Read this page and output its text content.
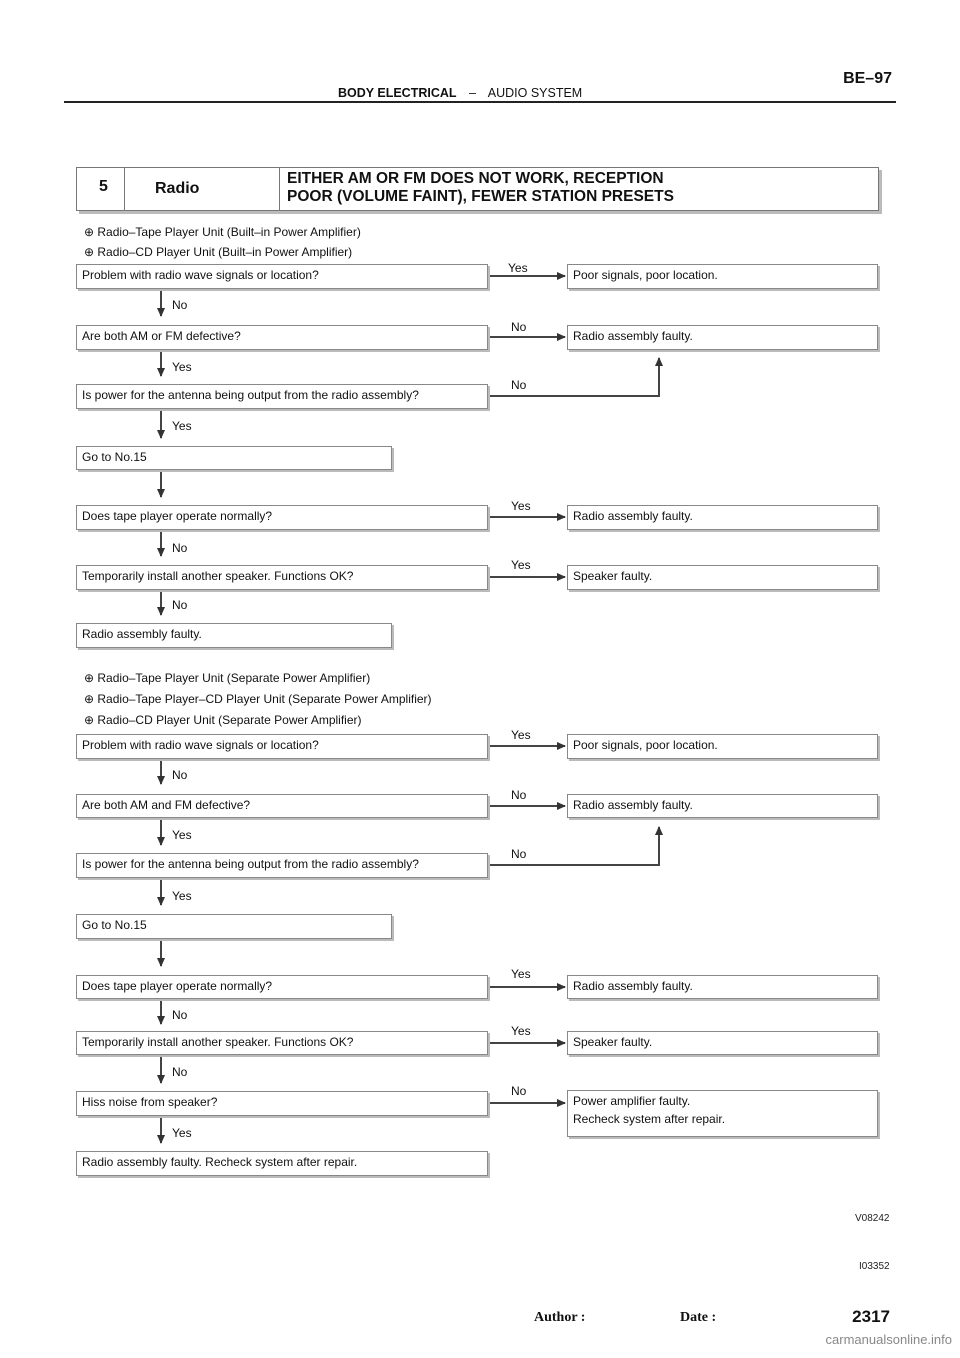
BE–97
BODY ELECTRICAL – AUDIO SYSTEM
5	Radio
EITHER AM OR FM DOES NOT WORK, RECEPTION
POOR (VOLUME FAINT), FEWER STATION PRESETS
⊕ Radio–Tape Player Unit (Built–in Power Amplifier)
⊕ Radio–CD Player Unit (Built–in Power Amplifier)
Problem with radio wave signals or location?	Poor signals, poor location.
Are both AM or FM defective?	Radio assembly faulty.
Is power for the antenna being output from the radio assembly?
Go to No.15
Does tape player operate normally?	Radio assembly faulty.
Temporarily install another speaker. Functions OK?	Speaker faulty.
Radio assembly faulty.
Yes
No
No
Yes
No
Yes
Yes
No
Yes
No
⊕ Radio–Tape Player Unit (Separate Power Amplifier)
⊕ Radio–Tape Player–CD Player Unit (Separate Power Amplifier)
⊕ Radio–CD Player Unit (Separate Power Amplifier)
Problem with radio wave signals or location?	Poor signals, poor location.
Are both AM and FM defective?	Radio assembly faulty.
Is power for the antenna being output from the radio assembly?
Go to No.15
Does tape player operate normally?	Radio assembly faulty.
Temporarily install another speaker. Functions OK?	Speaker faulty.
Hiss noise from speaker?	Power amplifier faulty.
Recheck system after repair.
Radio assembly faulty. Recheck system after repair.
Yes
No
No
Yes
No
Yes
Yes
No
Yes
No
No
Yes
V08242
I03352
Author :	Date :	2317
carmanualsonline.info
